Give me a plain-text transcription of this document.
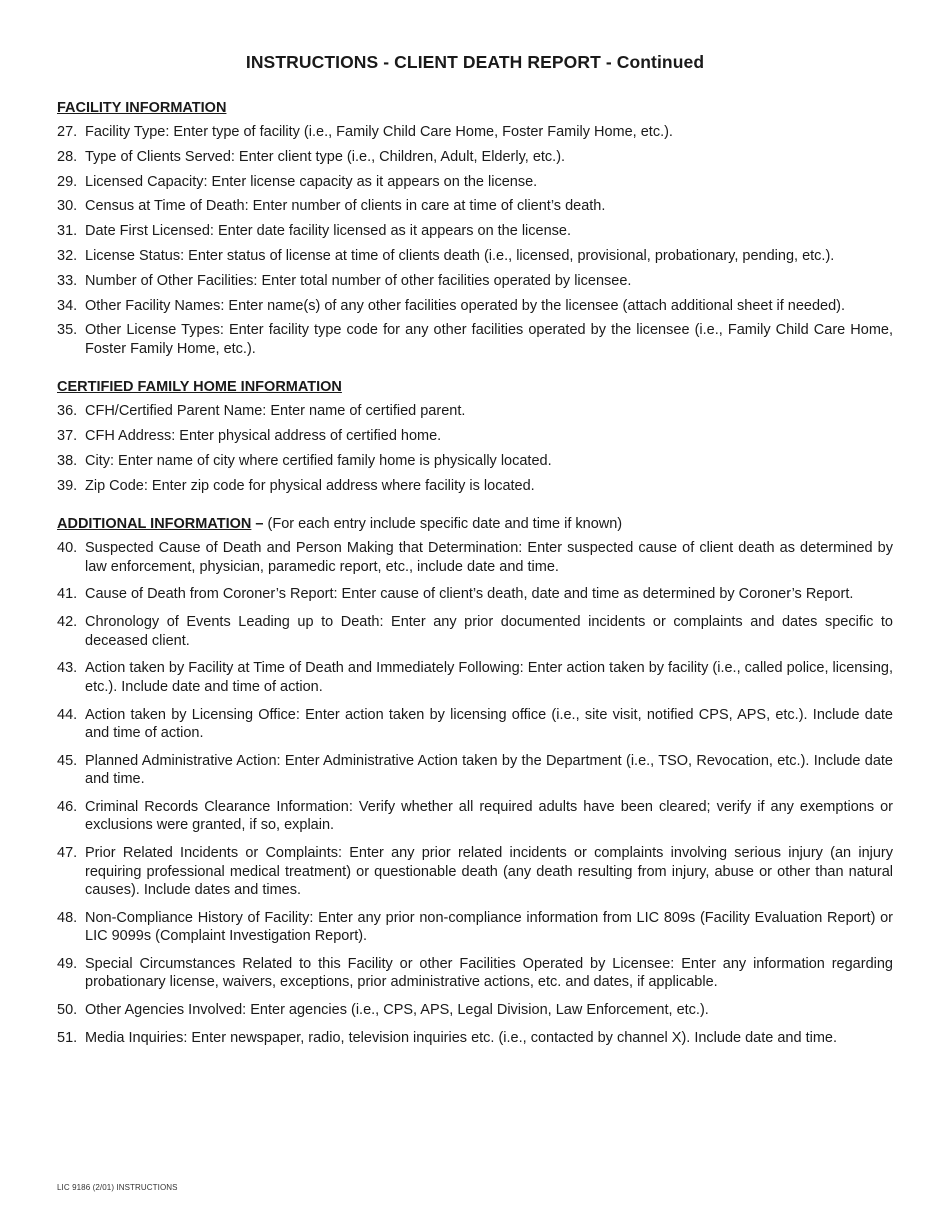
INSTRUCTIONS - CLIENT DEATH REPORT - Continued
FACILITY INFORMATION
27. Facility Type: Enter type of facility (i.e., Family Child Care Home, Foster Family Home, etc.).
28. Type of Clients Served: Enter client type (i.e., Children, Adult, Elderly, etc.).
29. Licensed Capacity: Enter license capacity as it appears on the license.
30. Census at Time of Death: Enter number of clients in care at time of client’s death.
31. Date First Licensed: Enter date facility licensed as it appears on the license.
32. License Status: Enter status of license at time of clients death (i.e., licensed, provisional, probationary, pending, etc.).
33. Number of Other Facilities: Enter total number of other facilities operated by licensee.
34. Other Facility Names: Enter name(s) of any other facilities operated by the licensee (attach additional sheet if needed).
35. Other License Types: Enter facility type code for any other facilities operated by the licensee (i.e., Family Child Care Home, Foster Family Home, etc.).
CERTIFIED FAMILY HOME INFORMATION
36. CFH/Certified Parent Name: Enter name of certified parent.
37. CFH Address: Enter physical address of certified home.
38. City: Enter name of city where certified family home is physically located.
39. Zip Code: Enter zip code for physical address where facility is located.
ADDITIONAL INFORMATION – (For each entry include specific date and time if known)
40. Suspected Cause of Death and Person Making that Determination: Enter suspected cause of client death as determined by law enforcement, physician, paramedic report, etc., include date and time.
41. Cause of Death from Coroner’s Report: Enter cause of client’s death, date and time as determined by Coroner’s Report.
42. Chronology of Events Leading up to Death: Enter any prior documented incidents or complaints and dates specific to deceased client.
43. Action taken by Facility at Time of Death and Immediately Following: Enter action taken by facility (i.e., called police, licensing, etc.). Include date and time of action.
44. Action taken by Licensing Office: Enter action taken by licensing office (i.e., site visit, notified CPS, APS, etc.). Include date and time of action.
45. Planned Administrative Action: Enter Administrative Action taken by the Department (i.e., TSO, Revocation, etc.). Include date and time.
46. Criminal Records Clearance Information: Verify whether all required adults have been cleared; verify if any exemptions or exclusions were granted, if so, explain.
47. Prior Related Incidents or Complaints: Enter any prior related incidents or complaints involving serious injury (an injury requiring professional medical treatment) or questionable death (any death resulting from injury, abuse or other than natural causes). Include dates and times.
48. Non-Compliance History of Facility: Enter any prior non-compliance information from LIC 809s (Facility Evaluation Report) or LIC 9099s (Complaint Investigation Report).
49. Special Circumstances Related to this Facility or other Facilities Operated by Licensee: Enter any information regarding probationary license, waivers, exceptions, prior administrative actions, etc. and dates, if applicable.
50. Other Agencies Involved: Enter agencies (i.e., CPS, APS, Legal Division, Law Enforcement, etc.).
51. Media Inquiries: Enter newspaper, radio, television inquiries etc. (i.e., contacted by channel X). Include date and time.
LIC 9186 (2/01) INSTRUCTIONS
